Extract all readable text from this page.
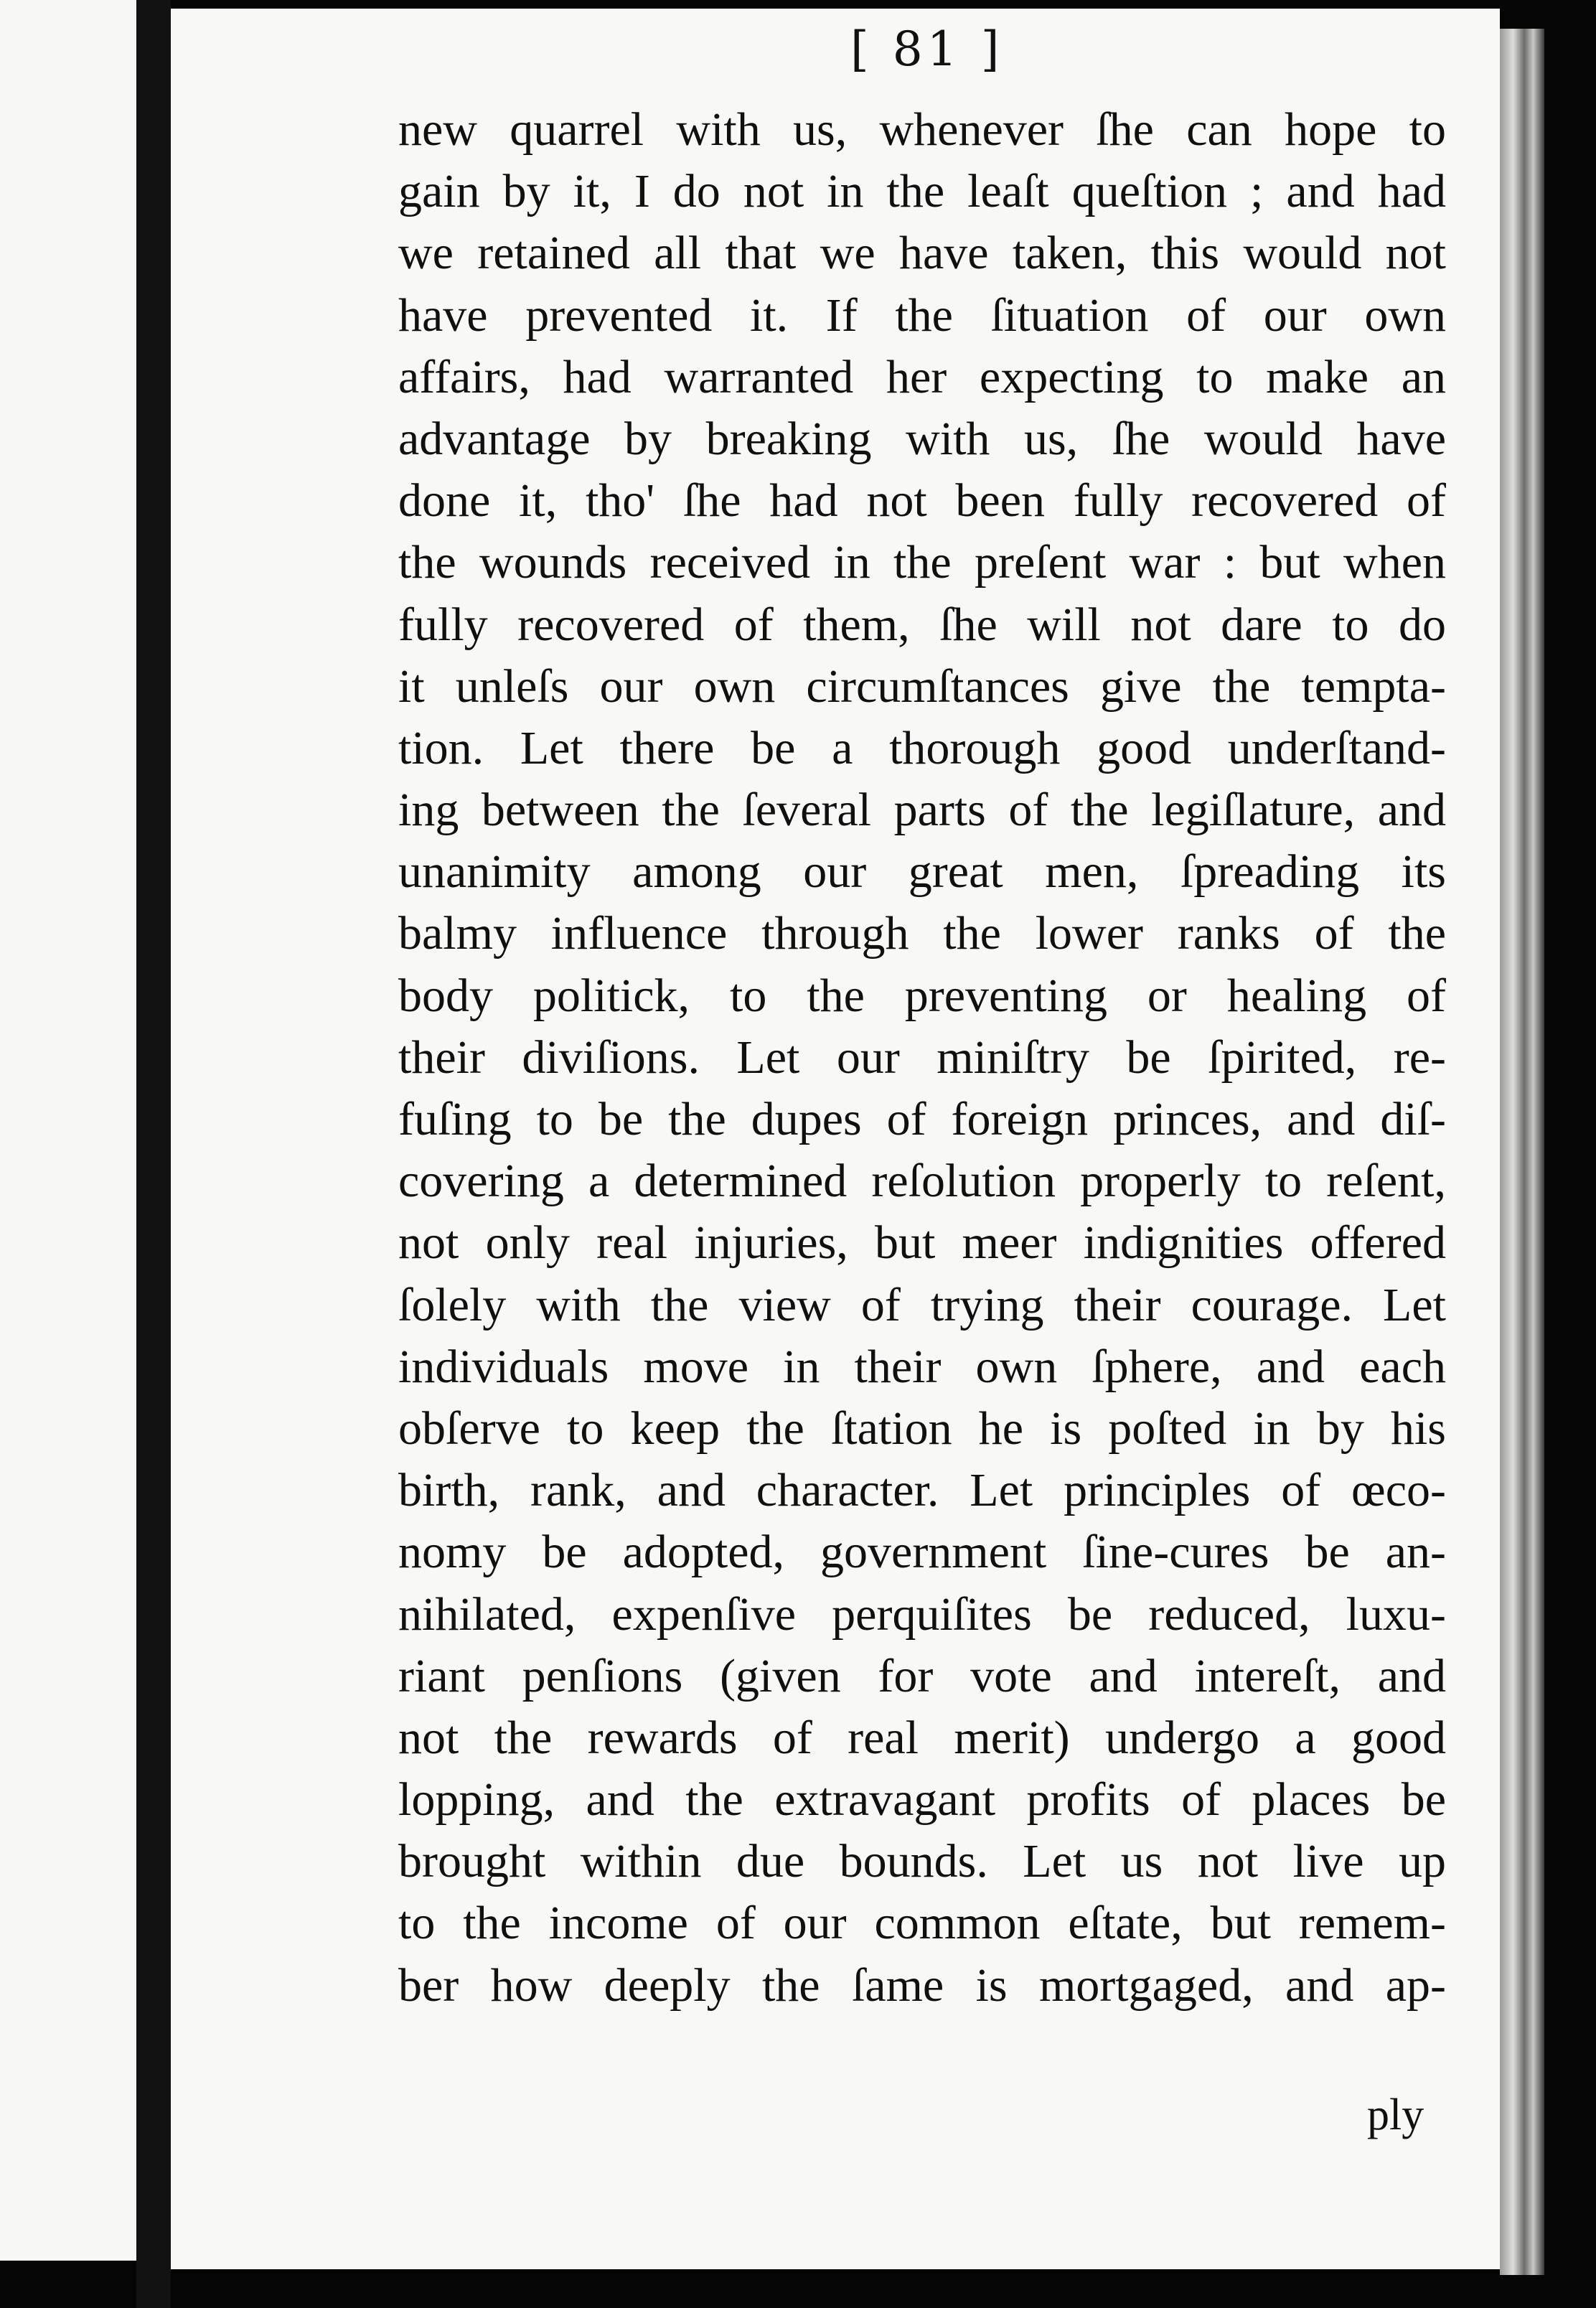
[ 81 ]
new quarrel with us, whenever ſhe can hope to
gain by it, I do not in the leaſt queſtion ; and had
we retained all that we have taken, this would not
have prevented it. If the ſituation of our own
affairs, had warranted her expecting to make an
advantage by breaking with us, ſhe would have
done it, tho' ſhe had not been fully recovered of
the wounds received in the preſent war : but when
fully recovered of them, ſhe will not dare to do
it unleſs our own circumſtances give the tempta-
tion. Let there be a thorough good underſtand-
ing between the ſeveral parts of the legiſlature, and
unanimity among our great men, ſpreading its
balmy influence through the lower ranks of the
body politick, to the preventing or healing of
their diviſions. Let our miniſtry be ſpirited, re-
fuſing to be the dupes of foreign princes, and diſ-
covering a determined reſolution properly to reſent,
not only real injuries, but meer indignities offered
ſolely with the view of trying their courage. Let
individuals move in their own ſphere, and each
obſerve to keep the ſtation he is poſted in by his
birth, rank, and character. Let principles of œco-
nomy be adopted, government ſine-cures be an-
nihilated, expenſive perquiſites be reduced, luxu-
riant penſions (given for vote and intereſt, and
not the rewards of real merit) undergo a good
lopping, and the extravagant profits of places be
brought within due bounds. Let us not live up
to the income of our common eſtate, but remem-
ber how deeply the ſame is mortgaged, and ap-
ply
